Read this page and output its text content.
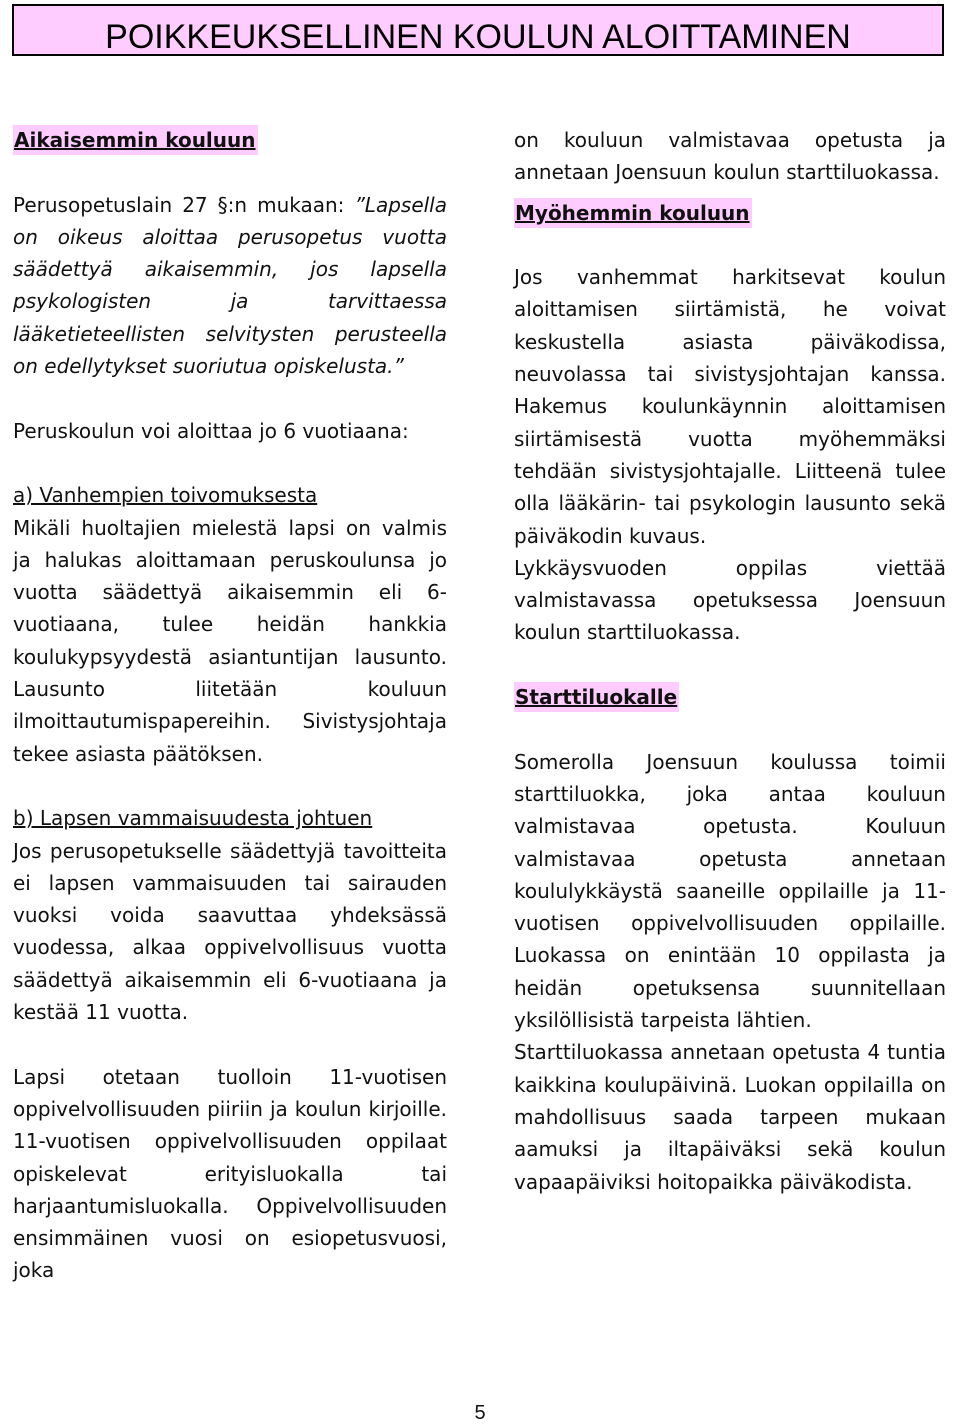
POIKKEUKSELLINEN KOULUN ALOITTAMINEN
Aikaisemmin kouluun

Perusopetuslain 27 §:n mukaan: ”Lapsella on oikeus aloittaa perusopetus vuotta säädettyä aikaisemmin, jos lapsella psykologisten ja tarvittaessa lääketieteellisten selvitysten perusteella on edellytykset suoriutua opiskelusta.”

Peruskoulun voi aloittaa jo 6 vuotiaana:

a) Vanhempien toivomuksesta

Mikäli huoltajien mielestä lapsi on valmis ja halukas aloittamaan peruskoulunsa jo vuotta säädettyä aikaisemmin eli 6-vuotiaana, tulee heidän hankkia koulukypsyydestä asiantuntijan lausunto. Lausunto liitetään kouluun ilmoittautumispapereihin. Sivistysjohtaja tekee asiasta päätöksen.

b) Lapsen vammaisuudesta johtuen

Jos perusopetukselle säädettyjä tavoitteita ei lapsen vammaisuuden tai sairauden vuoksi voida saavuttaa yhdeksässä vuodessa, alkaa oppivelvollisuus vuotta säädettyä aikaisemmin eli 6-vuotiaana ja kestää 11 vuotta.

Lapsi otetaan tuolloin 11-vuotisen oppivelvollisuuden piiriin ja koulun kirjoille. 11-vuotisen oppivelvollisuuden oppilaat opiskelevat erityisluokalla tai harjaantumisluokalla. Oppivelvollisuuden ensimmäinen vuosi on esiopetusvuosi, joka

on kouluun valmistavaa opetusta ja annetaan Joensuun koulun starttiluokassa.

Myöhemmin kouluun

Jos vanhemmat harkitsevat koulun aloittamisen siirtämistä, he voivat keskustella asiasta päiväkodissa, neuvolassa tai sivistysjohtajan kanssa. Hakemus koulunkäynnin aloittamisen siirtämisestä vuotta myöhemmäksi tehdään sivistysjohtajalle. Liitteenä tulee olla lääkärin- tai psykologin lausunto sekä päiväkodin kuvaus.

Lykkäysvuoden oppilas viettää valmistavassa opetuksessa Joensuun koulun starttiluokassa.

Starttiluokalle

Somerolla Joensuun koulussa toimii starttiluokka, joka antaa kouluun valmistavaa opetusta. Kouluun valmistavaa opetusta annetaan koululykkäystä saaneille oppilaille ja 11-vuotisen oppivelvollisuuden oppilaille. Luokassa on enintään 10 oppilasta ja heidän opetuksensa suunnitellaan yksilöllisistä tarpeista lähtien.

Starttiluokassa annetaan opetusta 4 tuntia kaikkina koulupäivinä. Luokan oppilailla on mahdollisuus saada tarpeen mukaan aamuksi ja iltapäiväksi sekä koulun vapaapäiviksi hoitopaikka päiväkodista.

5
